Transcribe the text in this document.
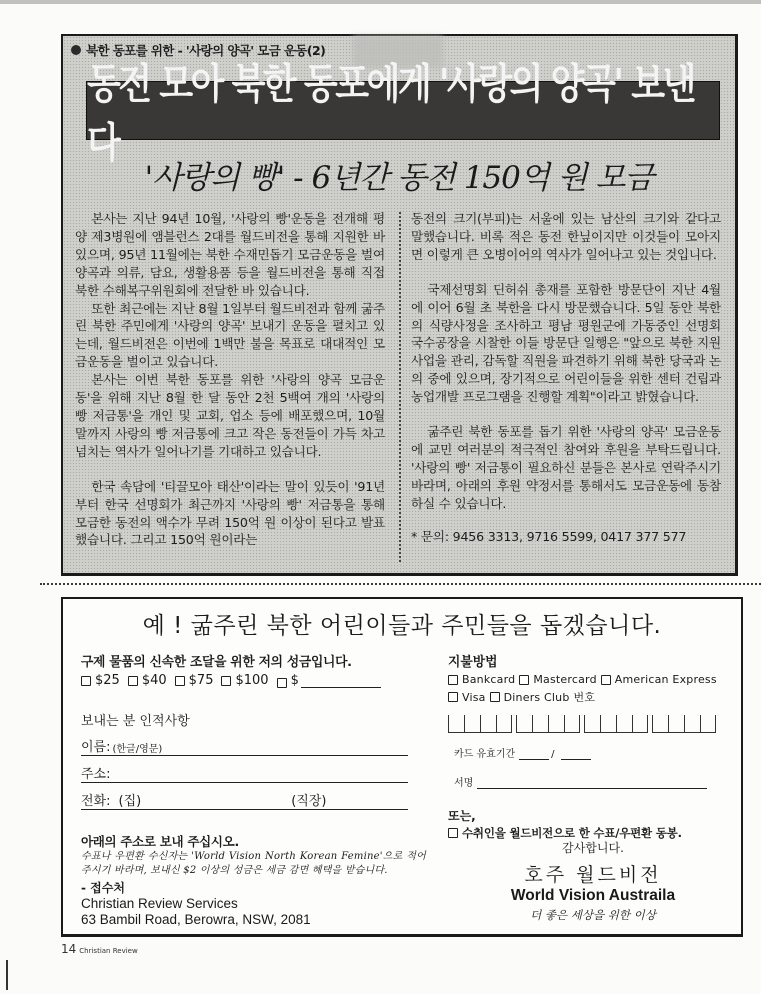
북한 동포를 위한 - '사랑의 양곡' 모금 운동(2)
동전 모아 북한 동포에게 '사랑의 양곡' 보낸다
'사랑의 빵' - 6년간 동전 150억 원 모금

본사는 지난 94년 10월, '사랑의 빵'운동을 전개해 평양 제3병원에 앰블런스 2대를 월드비전을 통해 지원한 바 있으며, 95년 11월에는 북한 수재민돕기 모금운동을 벌여 양곡과 의류, 담요, 생활용품 등을 월드비전을 통해 직접 북한 수해복구위원회에 전달한 바 있습니다.

또한 최근에는 지난 8월 1일부터 월드비전과 함께 굶주린 북한 주민에게 '사랑의 양곡' 보내기 운동을 펼치고 있는데, 월드비전은 이번에 1백만 불을 목표로 대대적인 모금운동을 벌이고 있습니다.

본사는 이번 북한 동포를 위한 '사랑의 양곡 모금운동'을 위해 지난 8월 한 달 동안 2천 5백여 개의 '사랑의 빵 저금통'을 개인 및 교회, 업소 등에 배포했으며, 10월 말까지 사랑의 빵 저금통에 크고 작은 동전들이 가득 차고 넘치는 역사가 일어나기를 기대하고 있습니다.

한국 속담에 '티끌모아 태산'이라는 말이 있듯이 '91년부터 한국 선명회가 최근까지 '사랑의 빵' 저금통을 통해 모금한 동전의 액수가 무려 150억 원 이상이 된다고 발표했습니다. 그리고 150억 원이라는

동전의 크기(부피)는 서울에 있는 남산의 크기와 같다고 말했습니다. 비록 적은 동전 한닢이지만 이것들이 모아지면 이렇게 큰 오병이어의 역사가 일어나고 있는 것입니다.

국제선명회 딘허쉬 총재를 포함한 방문단이 지난 4월에 이어 6월 초 북한을 다시 방문했습니다. 5일 동안 북한의 식량사정을 조사하고 평남 평원군에 가동중인 선명회 국수공장을 시찰한 이들 방문단 일행은 "앞으로 북한 지원사업을 관리, 감독할 직원을 파견하기 위해 북한 당국과 논의 중에 있으며, 장기적으로 어린이들을 위한 센터 건립과 농업개발 프로그램을 진행할 계획"이라고 밝혔습니다.

굶주린 북한 동포를 돕기 위한 '사랑의 양곡' 모금운동에 교민 여러분의 적극적인 참여와 후원을 부탁드립니다. '사랑의 빵' 저금통이 필요하신 분들은 본사로 연락주시기 바라며, 아래의 후원 약정서를 통해서도 모금운동에 동참하실 수 있습니다.

* 문의: 9456 3313, 9716 5599, 0417 377 577

예 ! 굶주린 북한 어린이들과 주민들을 돕겠습니다.
구제 물품의 신속한 조달을 위한 저의 성금입니다.
$25 $40 $75 $100 $
보내는 분 인적사항
이름: (한글/영문)
주소:
전화: (집)	(직장)
아래의 주소로 보내 주십시오.
수표나 우편환 수신자는 'World Vision North Korean Femine'으로 적어 주시기 바라며, 보내신 $2 이상의 성금은 세금 감면 혜택을 받습니다.
- 접수처
Christian Review Services
63 Bambil Road, Berowra, NSW, 2081
지불방법
Bankcard Mastercard American Express
Visa Diners Club 번호
카드 유효기간	/
서명
또는,
수취인을 월드비전으로 한 수표/우편환 동봉.
감사합니다.
호주 월드비전
World Vision Austraila
더 좋은 세상을 위한 이상
14 Christian Review
